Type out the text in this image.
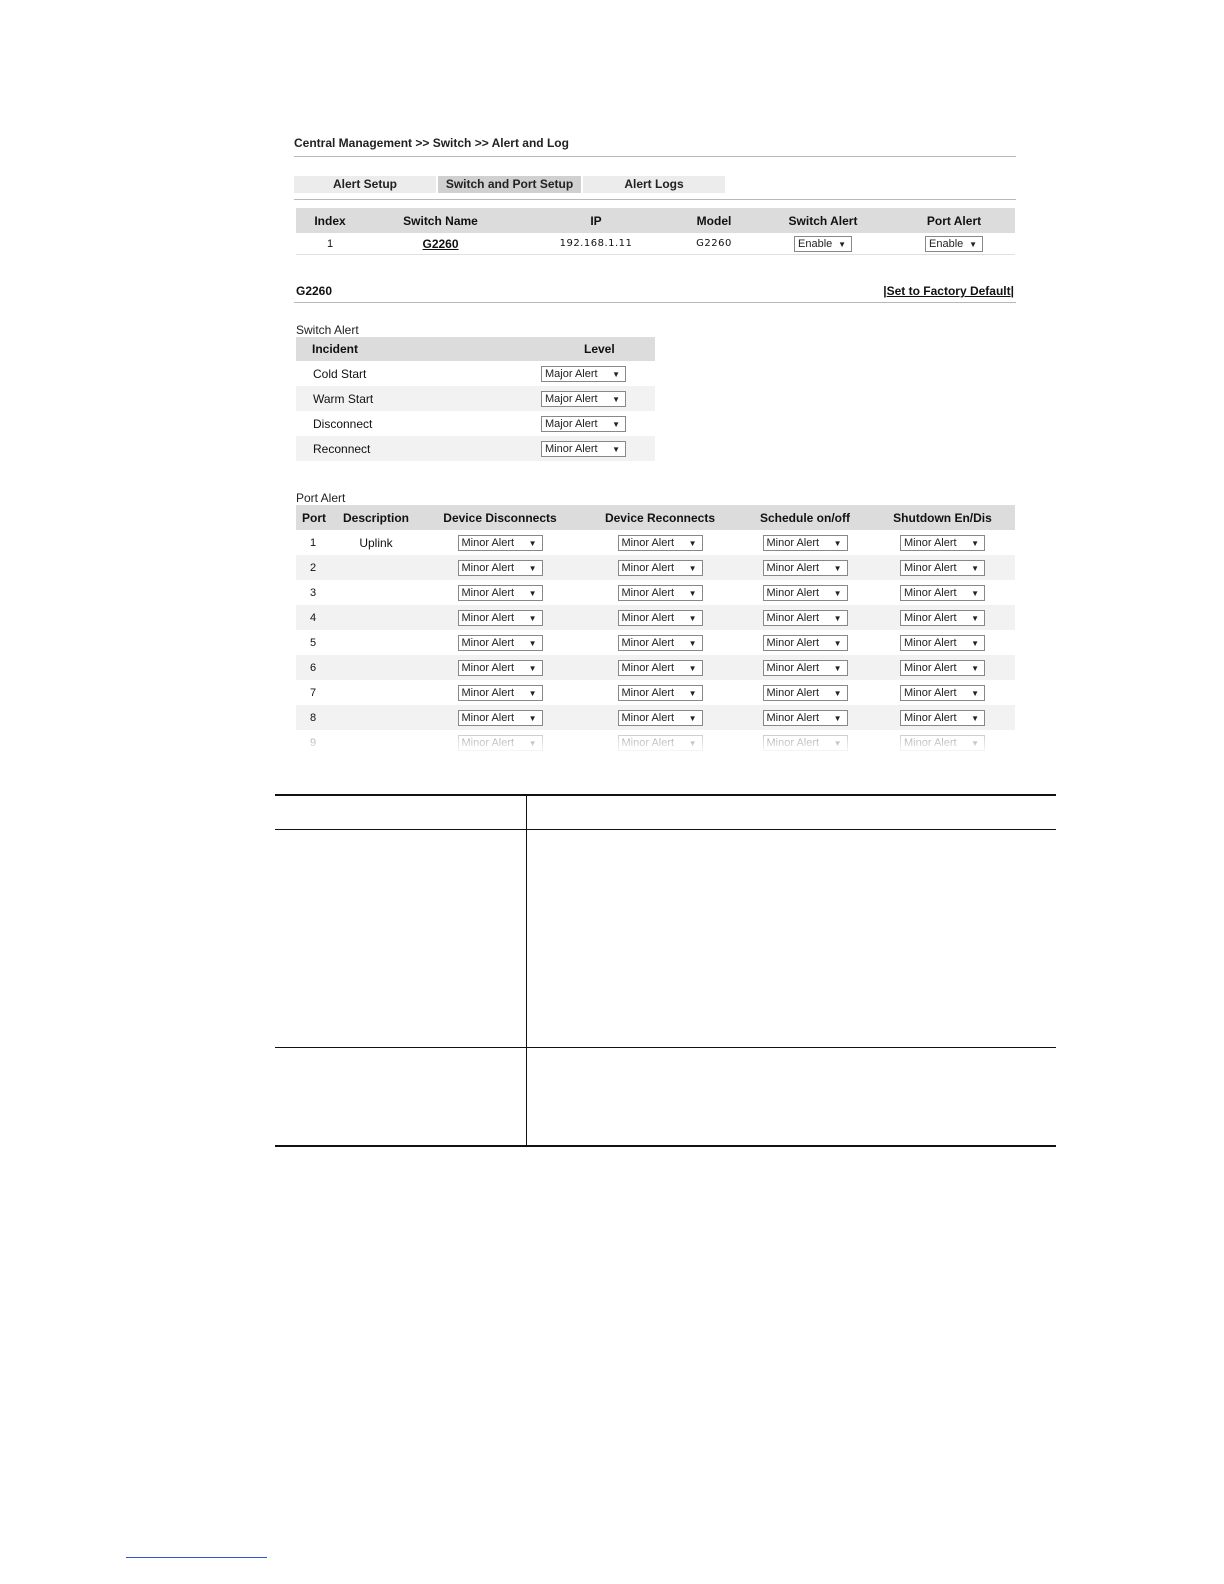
Central Management >> Switch >> Alert and Log
Alert Setup	Switch and Port Setup	Alert Logs
Index	Switch Name	IP	Model	Switch Alert	Port Alert
1	G2260	192.168.1.11	G2260	Enable ▼	Enable ▼
G2260	|Set to Factory Default|
Switch Alert
Incident	Level
Cold Start	Major Alert ▼

Warm Start	Major Alert ▼

Disconnect	Major Alert ▼

Reconnect	Minor Alert ▼
Port Alert
Port	Description	Device Disconnects	Device Reconnects	Schedule on/off	Shutdown En/Dis
1	Uplink	Minor Alert ▼	Minor Alert ▼	Minor Alert ▼	Minor Alert ▼

2		Minor Alert ▼	Minor Alert ▼	Minor Alert ▼	Minor Alert ▼

3		Minor Alert ▼	Minor Alert ▼	Minor Alert ▼	Minor Alert ▼

4		Minor Alert ▼	Minor Alert ▼	Minor Alert ▼	Minor Alert ▼

5		Minor Alert ▼	Minor Alert ▼	Minor Alert ▼	Minor Alert ▼

6		Minor Alert ▼	Minor Alert ▼	Minor Alert ▼	Minor Alert ▼

7		Minor Alert ▼	Minor Alert ▼	Minor Alert ▼	Minor Alert ▼

8		Minor Alert ▼	Minor Alert ▼	Minor Alert ▼	Minor Alert ▼
